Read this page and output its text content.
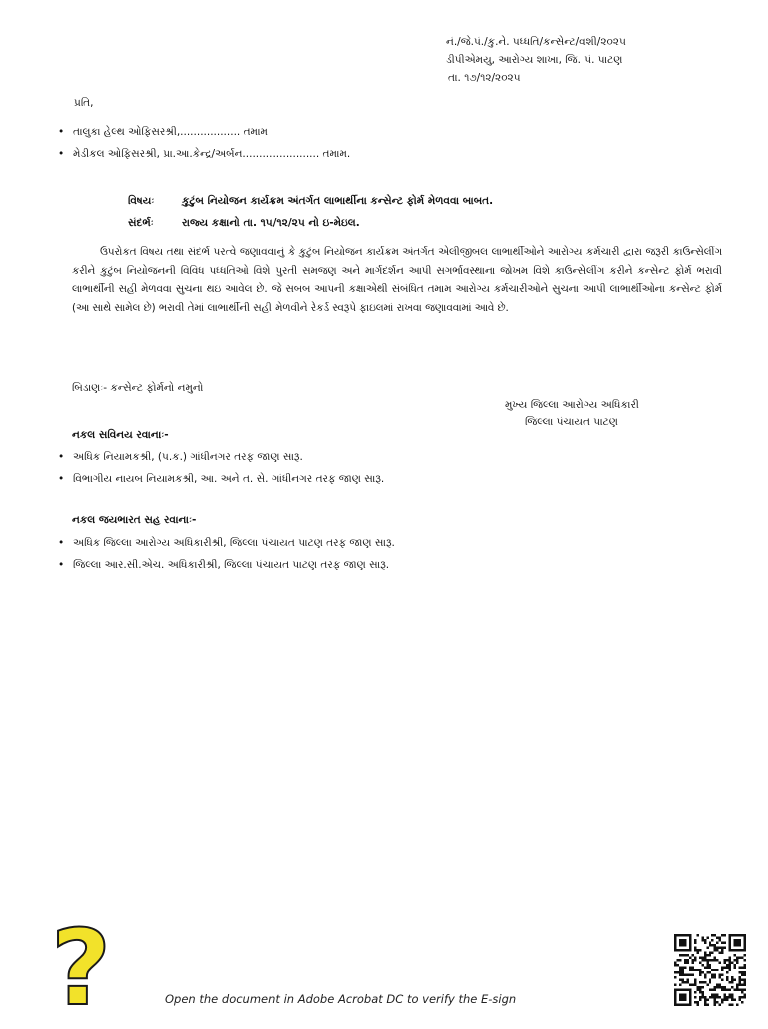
નં./જે.પં./કુ.ને. પધ્ધતિ/કન્સેન્ટ/વશી/૨૦૨૫
ડીપીએમયુ, આરોગ્ય શાખા, જિ. પં. પાટણ
તા. ૧૭/૧૨/૨૦૨૫
પ્રતિ,
• તાલુકા હેલ્થ ઓફિસરશ્રી,.................. તમામ
• મેડીકલ ઓફિસરશ્રી, પ્રા.આ.કેન્દ્ર/અર્બન....................... તમામ.
વિષયઃ	કુટુંબ નિયોજન કાર્યક્રમ અંતર્ગત લાભાર્થીના કન્સેન્ટ ફોર્મ મેળવવા બાબત.
સંદર્ભઃ	રાજ્ય કક્ષાનો તા. ૧૫/૧૨/૨૫ નો ઇ-મેઇલ.
ઉપરોકત વિષય તથા સંદર્ભ પરત્વે જણાવવાનું કે કુટુંબ નિયોજન કાર્યક્રમ અંતર્ગત એલીજીબલ લાભાર્થીઓને આરોગ્ય કર્મચારી દ્વારા જરૂરી કાઉન્સેલીંગ કરીને કુટુંબ નિયોજનની વિવિધ પધ્ધતિઓ વિશે પુરતી સમજણ અને માર્ગદર્શન આપી સગર્ભાવસ્થાના જોખમ વિશે કાઉન્સેલીંગ કરીને કન્સેન્ટ ફોર્મ ભરાવી લાભાર્થીની સહી મેળવવા સુચના થઇ આવેલ છે. જે સબબ આપની કક્ષાએથી સંબંધિત તમામ આરોગ્ય કર્મચારીઓને સુચના આપી લાભાર્થીઓના કન્સેન્ટ ફોર્મ (આ સાથે સામેલ છે) ભરાવી તેમાં લાભાર્થીની સહી મેળવીને રેકર્ડ સ્વરૂપે ફાઇલમાં રાખવા જણાવવામાં આવે છે.
બિડાણઃ- કન્સેન્ટ ફોર્મનો નમુનો
મુખ્ય જિલ્લા આરોગ્ય અધિકારી
જિલ્લા પંચાયત પાટણ
નકલ સવિનય રવાનાઃ-
• અધિક નિયામકશ્રી, (પ.ક.) ગાંધીનગર તરફ જાણ સારૂ.
• વિભાગીય નાયબ નિયામકશ્રી, આ. અને ત. સે. ગાંધીનગર તરફ જાણ સારૂ.
નકલ જયભારત સહ રવાનાઃ-
• અધિક જિલ્લા આરોગ્ય અધિકારીશ્રી, જિલ્લા પંચાયત પાટણ તરફ જાણ સારૂ.
• જિલ્લા આર.સી.એચ. અધિકારીશ્રી, જિલ્લા પંચાયત પાટણ તરફ જાણ સારૂ.
?	Open the document in Adobe Acrobat DC to verify the E-sign
